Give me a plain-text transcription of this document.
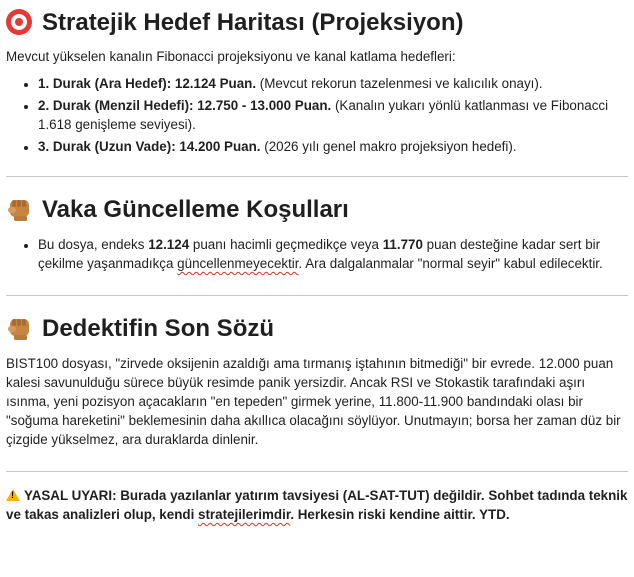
Stratejik Hedef Haritası (Projeksiyon)

Mevcut yükselen kanalın Fibonacci projeksiyonu ve kanal katlama hedefleri:

• 1. Durak (Ara Hedef): 12.124 Puan. (Mevcut rekorun tazelenmesi ve kalıcılık onayı).
• 2. Durak (Menzil Hedefi): 12.750 - 13.000 Puan. (Kanalın yukarı yönlü katlanması ve Fibonacci 1.618 genişleme seviyesi).
• 3. Durak (Uzun Vade): 14.200 Puan. (2026 yılı genel makro projeksiyon hedefi).
Vaka Güncelleme Koşulları
• Bu dosya, endeks 12.124 puanı hacimli geçmedikçe veya 11.770 puan desteğine kadar sert bir çekilme yaşanmadıkça güncellenmeyecektir. Ara dalgalanmalar "normal seyir" kabul edilecektir.
Dedektifin Son Sözü

BIST100 dosyası, "zirvede oksijenin azaldığı ama tırmanış iştahının bitmediği" bir evrede. 12.000 puan kalesi savunulduğu sürece büyük resimde panik yersizdir. Ancak RSI ve Stokastik tarafındaki aşırı ısınma, yeni pozisyon açacakların "en tepeden" girmek yerine, 11.800-11.900 bandındaki olası bir "soğuma hareketini" beklemesinin daha akıllıca olacağını söylüyor. Unutmayın; borsa her zaman düz bir çizgide yükselmez, ara duraklarda dinlenir.

!YASAL UYARI: Burada yazılanlar yatırım tavsiyesi (AL-SAT-TUT) değildir. Sohbet tadında teknik ve takas analizleri olup, kendi stratejilerimdir. Herkesin riski kendine aittir. YTD.
